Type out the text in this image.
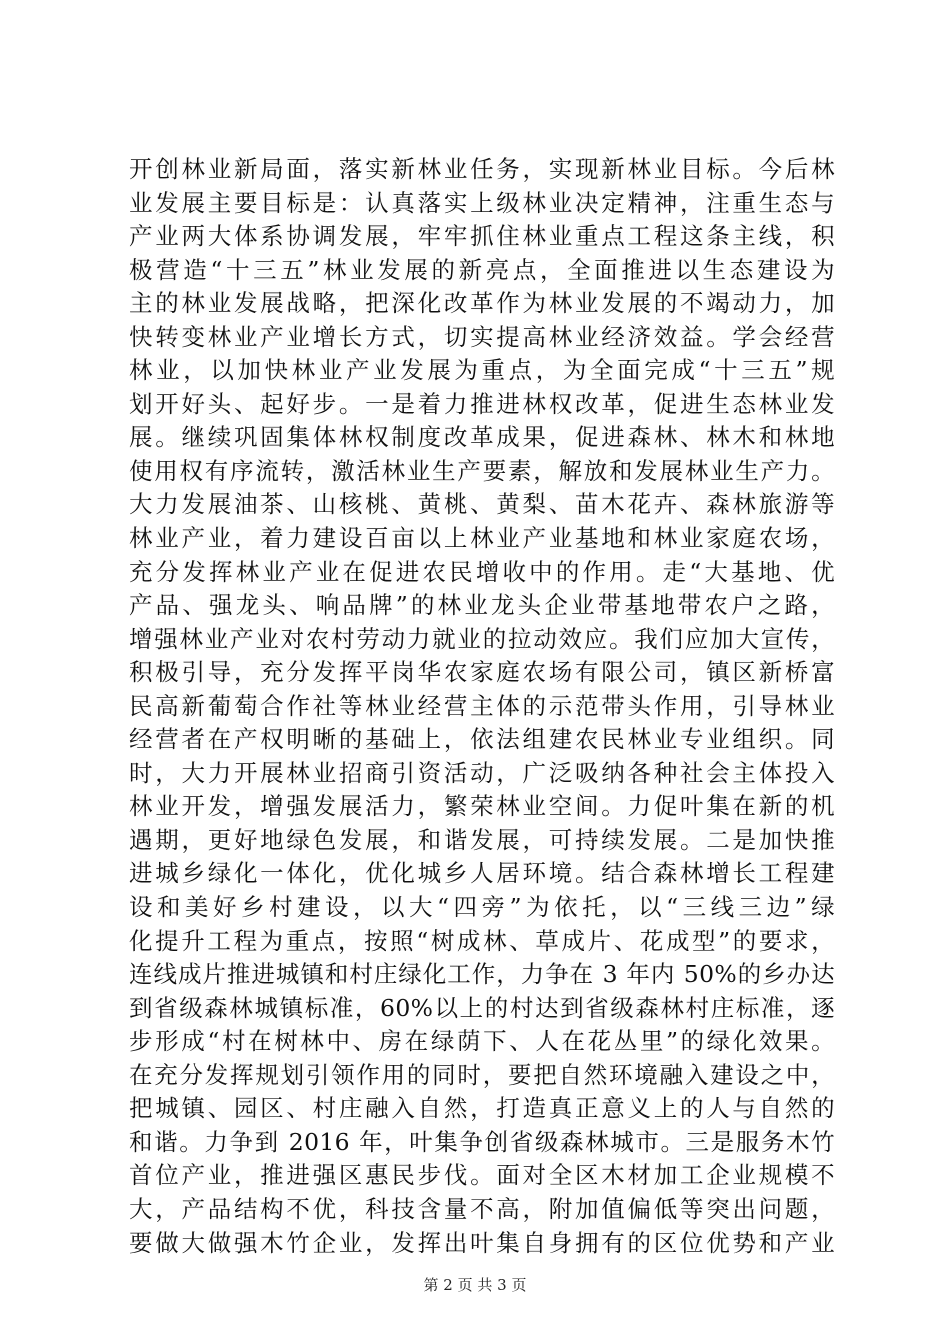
开创林业新局面，落实新林业任务，实现新林业目标。今后林
业发展主要目标是：认真落实上级林业决定精神，注重生态与
产业两大体系协调发展，牢牢抓住林业重点工程这条主线，积
极营造“十三五”林业发展的新亮点，全面推进以生态建设为
主的林业发展战略，把深化改革作为林业发展的不竭动力，加
快转变林业产业增长方式，切实提高林业经济效益。学会经营
林业，以加快林业产业发展为重点，为全面完成“十三五”规
划开好头、起好步。一是着力推进林权改革，促进生态林业发
展。继续巩固集体林权制度改革成果，促进森林、林木和林地
使用权有序流转，激活林业生产要素，解放和发展林业生产力。
大力发展油茶、山核桃、黄桃、黄梨、苗木花卉、森林旅游等
林业产业，着力建设百亩以上林业产业基地和林业家庭农场，
充分发挥林业产业在促进农民增收中的作用。走“大基地、优
产品、强龙头、响品牌”的林业龙头企业带基地带农户之路，
增强林业产业对农村劳动力就业的拉动效应。我们应加大宣传，
积极引导，充分发挥平岗华农家庭农场有限公司，镇区新桥富
民高新葡萄合作社等林业经营主体的示范带头作用，引导林业
经营者在产权明晰的基础上，依法组建农民林业专业组织。同
时，大力开展林业招商引资活动，广泛吸纳各种社会主体投入
林业开发，增强发展活力，繁荣林业空间。力促叶集在新的机
遇期，更好地绿色发展，和谐发展，可持续发展。二是加快推
进城乡绿化一体化，优化城乡人居环境。结合森林增长工程建
设和美好乡村建设，以大“四旁”为依托，以“三线三边”绿
化提升工程为重点，按照“树成林、草成片、花成型”的要求，
连线成片推进城镇和村庄绿化工作，力争在 3 年内 50%的乡办达
到省级森林城镇标准，60%以上的村达到省级森林村庄标准，逐
步形成“村在树林中、房在绿荫下、人在花丛里”的绿化效果。
在充分发挥规划引领作用的同时，要把自然环境融入建设之中，
把城镇、园区、村庄融入自然，打造真正意义上的人与自然的
和谐。力争到 2016 年，叶集争创省级森林城市。三是服务木竹
首位产业，推进强区惠民步伐。面对全区木材加工企业规模不
大，产品结构不优，科技含量不高，附加值偏低等突出问题，
要做大做强木竹企业，发挥出叶集自身拥有的区位优势和产业
第 2 页 共 3 页
